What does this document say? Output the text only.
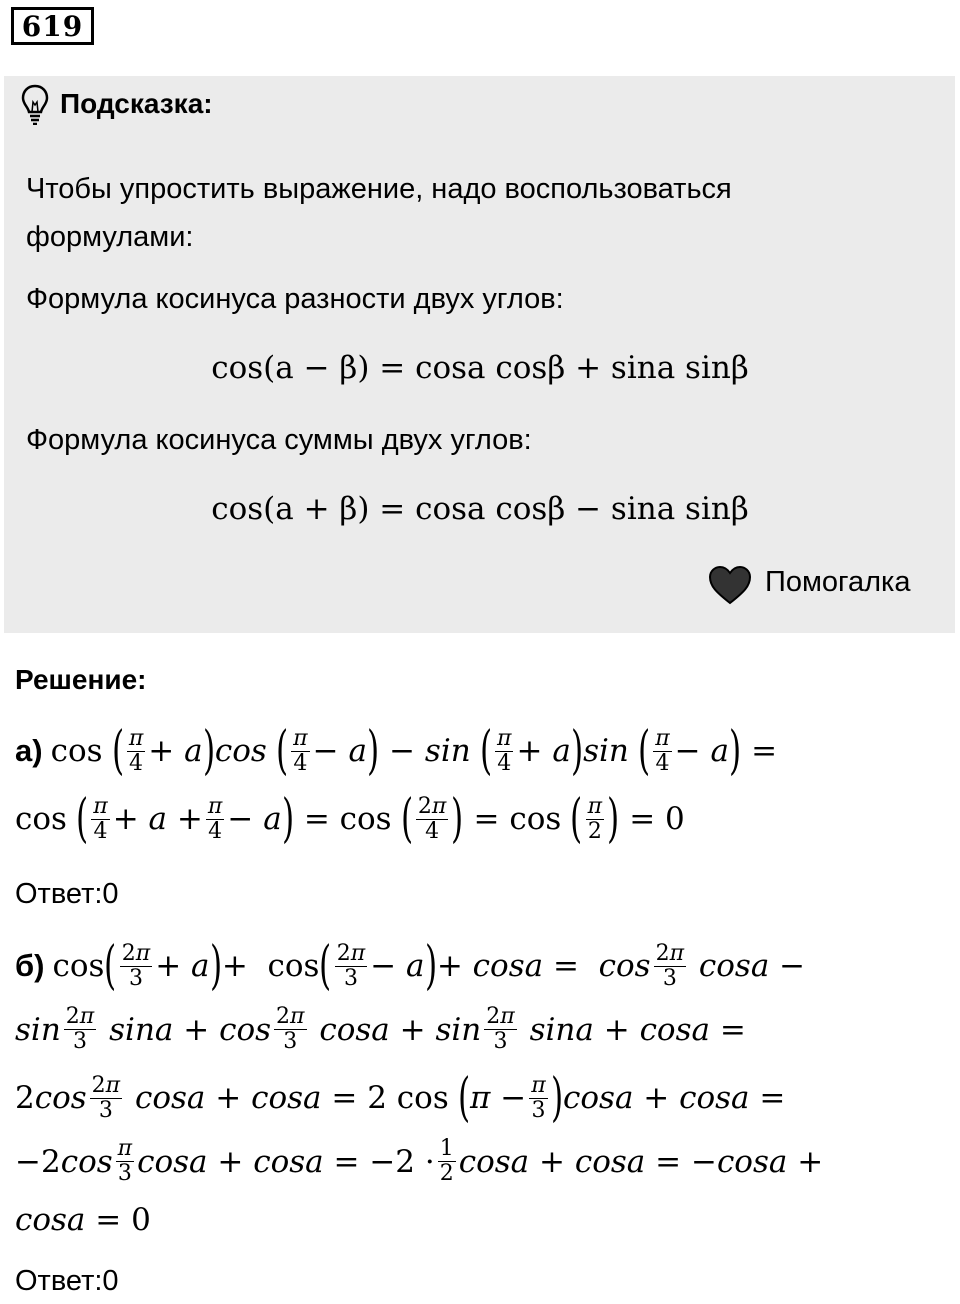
619
Подсказка:
Чтобы упростить выражение, надо воспользоваться
формулами:
Формула косинуса разности двух углов:
cos(a − β) = cosa cosβ + sina sinβ
Формула косинуса суммы двух углов:
cos(a + β) = cosa cosβ − sina sinβ
Помогалка
Решение:
а) cos ( $\frac{\pi}{4} + a$ ) cos ( $\frac{\pi}{4} - a$ ) − sin ( $\frac{\pi}{4} + a$ ) sin ( $\frac{\pi}{4} - a$ ) =
cos ( $\frac{\pi}{4} + a + \frac{\pi}{4} - a$ ) = cos ( $\frac{2\pi}{4}$ ) = cos ( $\frac{\pi}{2}$ ) = 0
Ответ:0
б) cos ( $\frac{2\pi}{3} + a$ ) +  cos ( $\frac{2\pi}{3} - a$ ) + $\cos a = \cos \frac{2\pi}{3}$
cosa −
$\sin \frac{2\pi}{3}$
$\sin a + \cos \frac{2\pi}{3}$
$\cos a + \sin \frac{2\pi}{3}$
sina + cosa =
2 $\cos \frac{2\pi}{3}$
cosa + cosa = 2 cos ( $\pi - \frac{\pi}{3}$ ) cosa + cosa =
−2 $\cos \frac{\pi}{3}$ $\cos a + \cos a = -2 \cdot \frac{1}{2}$ cosa + cosa = − cosa +
cosa = 0
Ответ:0
